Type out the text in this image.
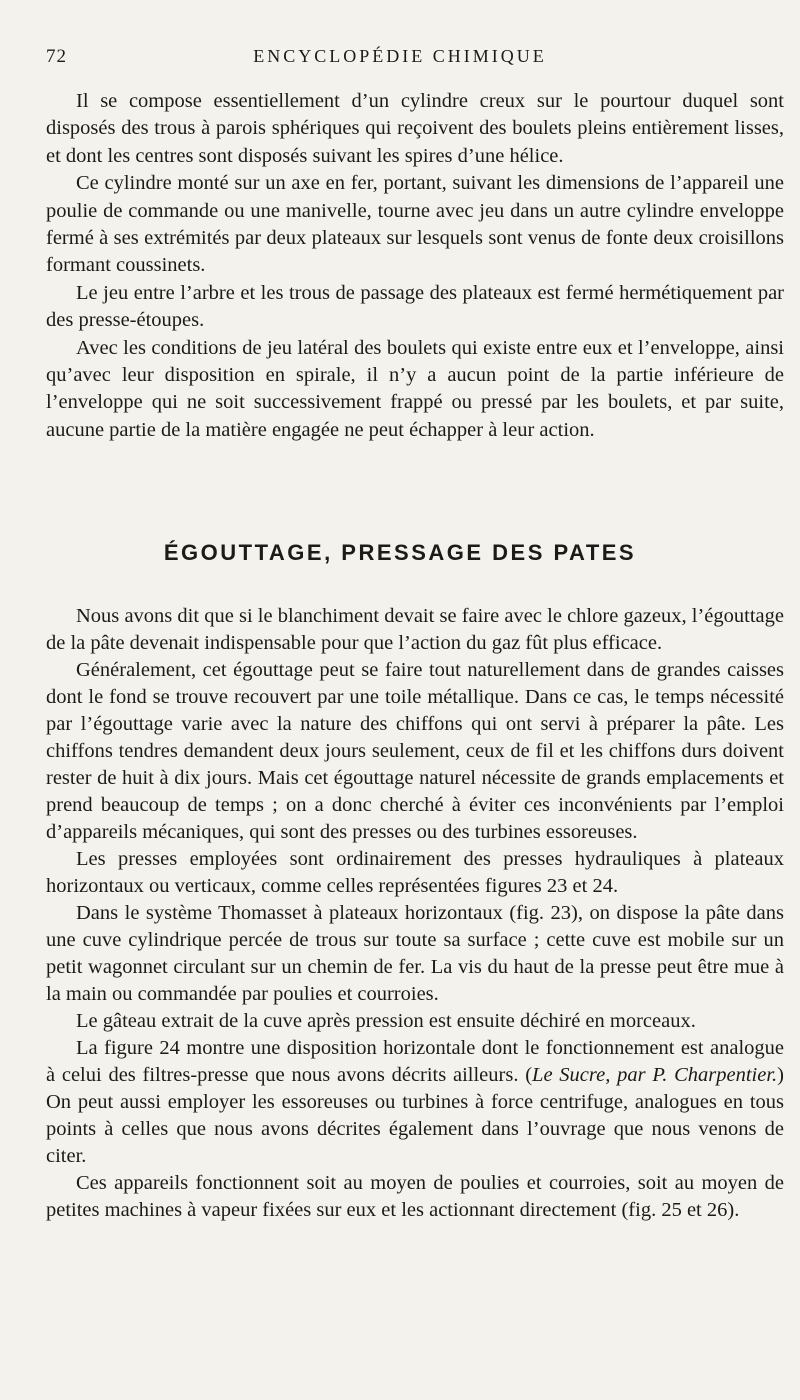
72	ENCYCLOPÉDIE CHIMIQUE

Il se compose essentiellement d’un cylindre creux sur le pourtour duquel sont disposés des trous à parois sphériques qui reçoivent des boulets pleins entièrement lisses, et dont les centres sont disposés suivant les spires d’une hélice.

Ce cylindre monté sur un axe en fer, portant, suivant les dimensions de l’appareil une poulie de commande ou une manivelle, tourne avec jeu dans un autre cylindre enveloppe fermé à ses extrémités par deux plateaux sur lesquels sont venus de fonte deux croisillons formant coussinets.

Le jeu entre l’arbre et les trous de passage des plateaux est fermé hermétiquement par des presse-étoupes.

Avec les conditions de jeu latéral des boulets qui existe entre eux et l’enveloppe, ainsi qu’avec leur disposition en spirale, il n’y a aucun point de la partie inférieure de l’enveloppe qui ne soit successivement frappé ou pressé par les boulets, et par suite, aucune partie de la matière engagée ne peut échapper à leur action.

ÉGOUTTAGE, PRESSAGE DES PATES

Nous avons dit que si le blanchiment devait se faire avec le chlore gazeux, l’égouttage de la pâte devenait indispensable pour que l’action du gaz fût plus efficace.

Généralement, cet égouttage peut se faire tout naturellement dans de grandes caisses dont le fond se trouve recouvert par une toile métallique. Dans ce cas, le temps nécessité par l’égouttage varie avec la nature des chiffons qui ont servi à préparer la pâte. Les chiffons tendres demandent deux jours seulement, ceux de fil et les chiffons durs doivent rester de huit à dix jours. Mais cet égouttage naturel nécessite de grands emplacements et prend beaucoup de temps ; on a donc cherché à éviter ces inconvénients par l’emploi d’appareils mécaniques, qui sont des presses ou des turbines essoreuses.

Les presses employées sont ordinairement des presses hydrauliques à plateaux horizontaux ou verticaux, comme celles représentées figures 23 et 24.

Dans le système Thomasset à plateaux horizontaux (fig. 23), on dispose la pâte dans une cuve cylindrique percée de trous sur toute sa surface ; cette cuve est mobile sur un petit wagonnet circulant sur un chemin de fer. La vis du haut de la presse peut être mue à la main ou commandée par poulies et courroies.

Le gâteau extrait de la cuve après pression est ensuite déchiré en morceaux.

La figure 24 montre une disposition horizontale dont le fonctionnement est analogue à celui des filtres-presse que nous avons décrits ailleurs. (Le Sucre, par P. Charpentier.) On peut aussi employer les essoreuses ou turbines à force centrifuge, analogues en tous points à celles que nous avons décrites également dans l’ouvrage que nous venons de citer.

Ces appareils fonctionnent soit au moyen de poulies et courroies, soit au moyen de petites machines à vapeur fixées sur eux et les actionnant directement (fig. 25 et 26).
